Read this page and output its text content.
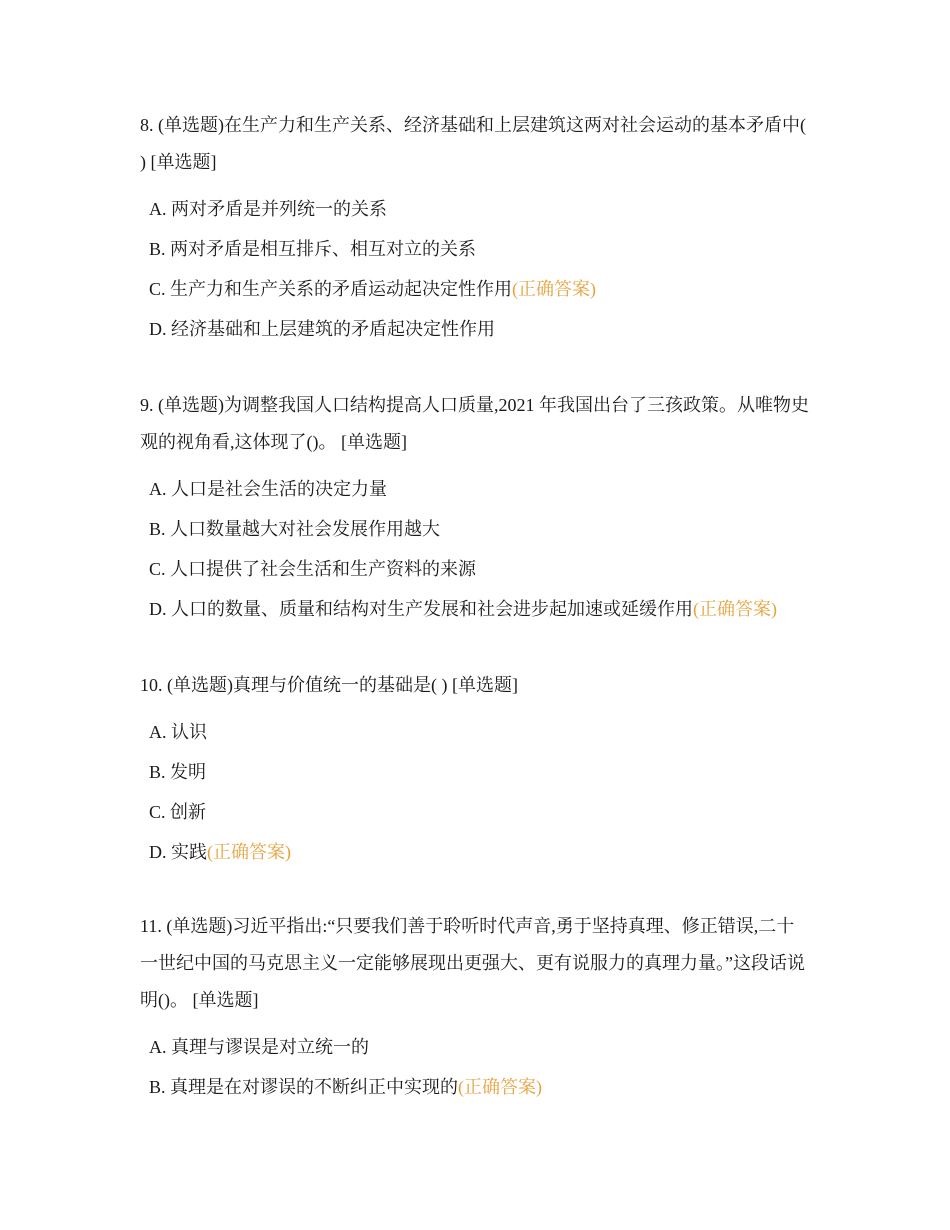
8. (单选题)在生产力和生产关系、经济基础和上层建筑这两对社会运动的基本矛盾中( ) [单选题]

A. 两对矛盾是并列统一的关系
B. 两对矛盾是相互排斥、相互对立的关系
C. 生产力和生产关系的矛盾运动起决定性作用(正确答案)
D. 经济基础和上层建筑的矛盾起决定性作用

9. (单选题)为调整我国人口结构提高人口质量,2021 年我国出台了三孩政策。从唯物史观的视角看,这体现了()。 [单选题]

A. 人口是社会生活的决定力量
B. 人口数量越大对社会发展作用越大
C. 人口提供了社会生活和生产资料的来源
D. 人口的数量、质量和结构对生产发展和社会进步起加速或延缓作用(正确答案)

10. (单选题)真理与价值统一的基础是( ) [单选题]

A. 认识
B. 发明
C. 创新
D. 实践(正确答案)

11. (单选题)习近平指出:“只要我们善于聆听时代声音,勇于坚持真理、修正错误,二十一世纪中国的马克思主义一定能够展现出更强大、更有说服力的真理力量。”这段话说明()。 [单选题]

A. 真理与谬误是对立统一的
B. 真理是在对谬误的不断纠正中实现的(正确答案)
